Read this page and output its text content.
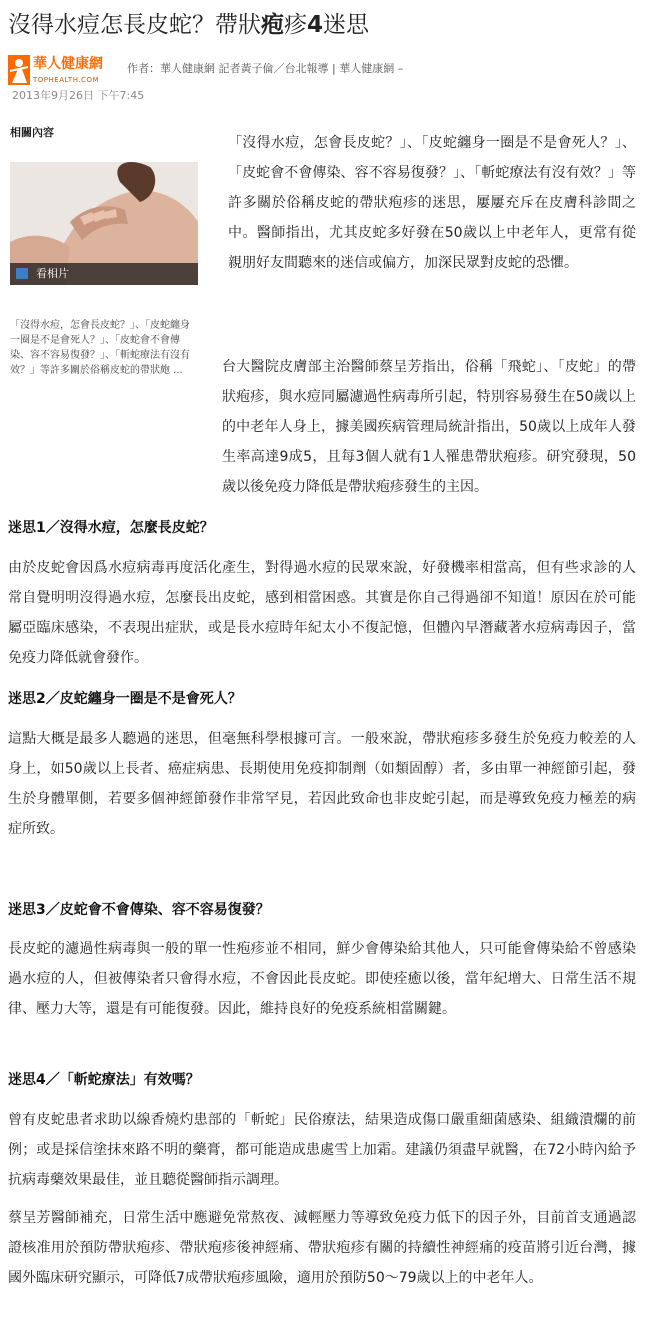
沒得水痘怎長皮蛇？帶狀疱疹4迷思
華人健康網
TOPHEALTH.COM
作者：華人健康網 記者黃子倫／台北報導 | 華人健康網 –
2013年9月26日 下午7:45
相關內容
看相片
「沒得水痘，怎會長皮蛇？」、「皮蛇纏身一圈是不是會死人？」、「皮蛇會不會傳染、容不容易復發？」、「斬蛇療法有沒有效？」等許多關於俗稱皮蛇的帶狀皰 ...

「沒得水痘，怎會長皮蛇？」、「皮蛇纏身一圈是不是會死人？」、「皮蛇會不會傳染、容不容易復發？」、「斬蛇療法有沒有效？」等許多關於俗稱皮蛇的帶狀疱疹的迷思，屢屢充斥在皮膚科診間之中。醫師指出，尤其皮蛇多好發在50歲以上中老年人，更常有從親朋好友間聽來的迷信或偏方，加深民眾對皮蛇的恐懼。

台大醫院皮膚部主治醫師蔡呈芳指出，俗稱「飛蛇」、「皮蛇」的帶狀疱疹，與水痘同屬濾過性病毒所引起，特別容易發生在50歲以上的中老年人身上，據美國疾病管理局統計指出，50歲以上成年人發生率高達9成5，且每3個人就有1人罹患帶狀疱疹。研究發現，50歲以後免疫力降低是帶狀疱疹發生的主因。

迷思1／沒得水痘，怎麼長皮蛇？

由於皮蛇會因爲水痘病毒再度活化產生，對得過水痘的民眾來說，好發機率相當高，但有些求診的人常自覺明明沒得過水痘，怎麼長出皮蛇，感到相當困惑。其實是你自己得過卻不知道！原因在於可能屬亞臨床感染，不表現出症狀，或是長水痘時年紀太小不復記憶，但體內早潛藏著水痘病毒因子，當免疫力降低就會發作。

迷思2／皮蛇纏身一圈是不是會死人？

這點大概是最多人聽過的迷思，但毫無科學根據可言。一般來說，帶狀疱疹多發生於免疫力較差的人身上，如50歲以上長者、癌症病患、長期使用免疫抑制劑（如類固醇）者，多由單一神經節引起，發生於身體單側，若要多個神經節發作非常罕見，若因此致命也非皮蛇引起，而是導致免疫力極差的病症所致。

迷思3／皮蛇會不會傳染、容不容易復發？

長皮蛇的濾過性病毒與一般的單一性疱疹並不相同，鮮少會傳染給其他人，只可能會傳染給不曾感染過水痘的人，但被傳染者只會得水痘，不會因此長皮蛇。即使痊癒以後，當年紀增大、日常生活不規律、壓力大等，還是有可能復發。因此，維持良好的免疫系統相當關鍵。

迷思4／「斬蛇療法」有效嗎？

曾有皮蛇患者求助以線香燒灼患部的「斬蛇」民俗療法，結果造成傷口嚴重細菌感染、組織潰爛的前例；或是採信塗抹來路不明的藥膏，都可能造成患處雪上加霜。建議仍須盡早就醫，在72小時內給予抗病毒藥效果最佳，並且聽從醫師指示調理。

蔡呈芳醫師補充，日常生活中應避免常熬夜、減輕壓力等導致免疫力低下的因子外，目前首支通過認證核准用於預防帶狀疱疹、帶狀疱疹後神經痛、帶狀疱疹有關的持續性神經痛的疫苗將引近台灣，據國外臨床研究顯示，可降低7成帶狀疱疹風險，適用於預防50～79歲以上的中老年人。
